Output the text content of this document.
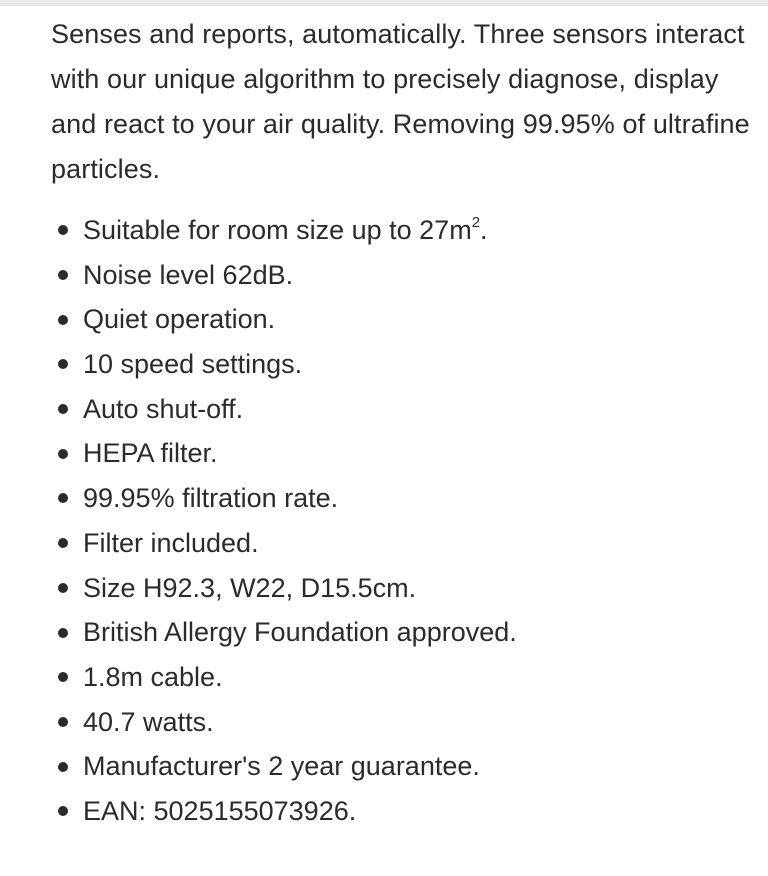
Senses and reports, automatically. Three sensors interact with our unique algorithm to precisely diagnose, display and react to your air quality. Removing 99.95% of ultrafine particles.

Suitable for room size up to $27m^2$.
Noise level 62dB.
Quiet operation.
10 speed settings.
Auto shut-off.
HEPA filter.
99.95% filtration rate.
Filter included.
Size H92.3, W22, D15.5cm.
British Allergy Foundation approved.
1.8m cable.
40.7 watts.
Manufacturer's 2 year guarantee.
EAN: 5025155073926.
